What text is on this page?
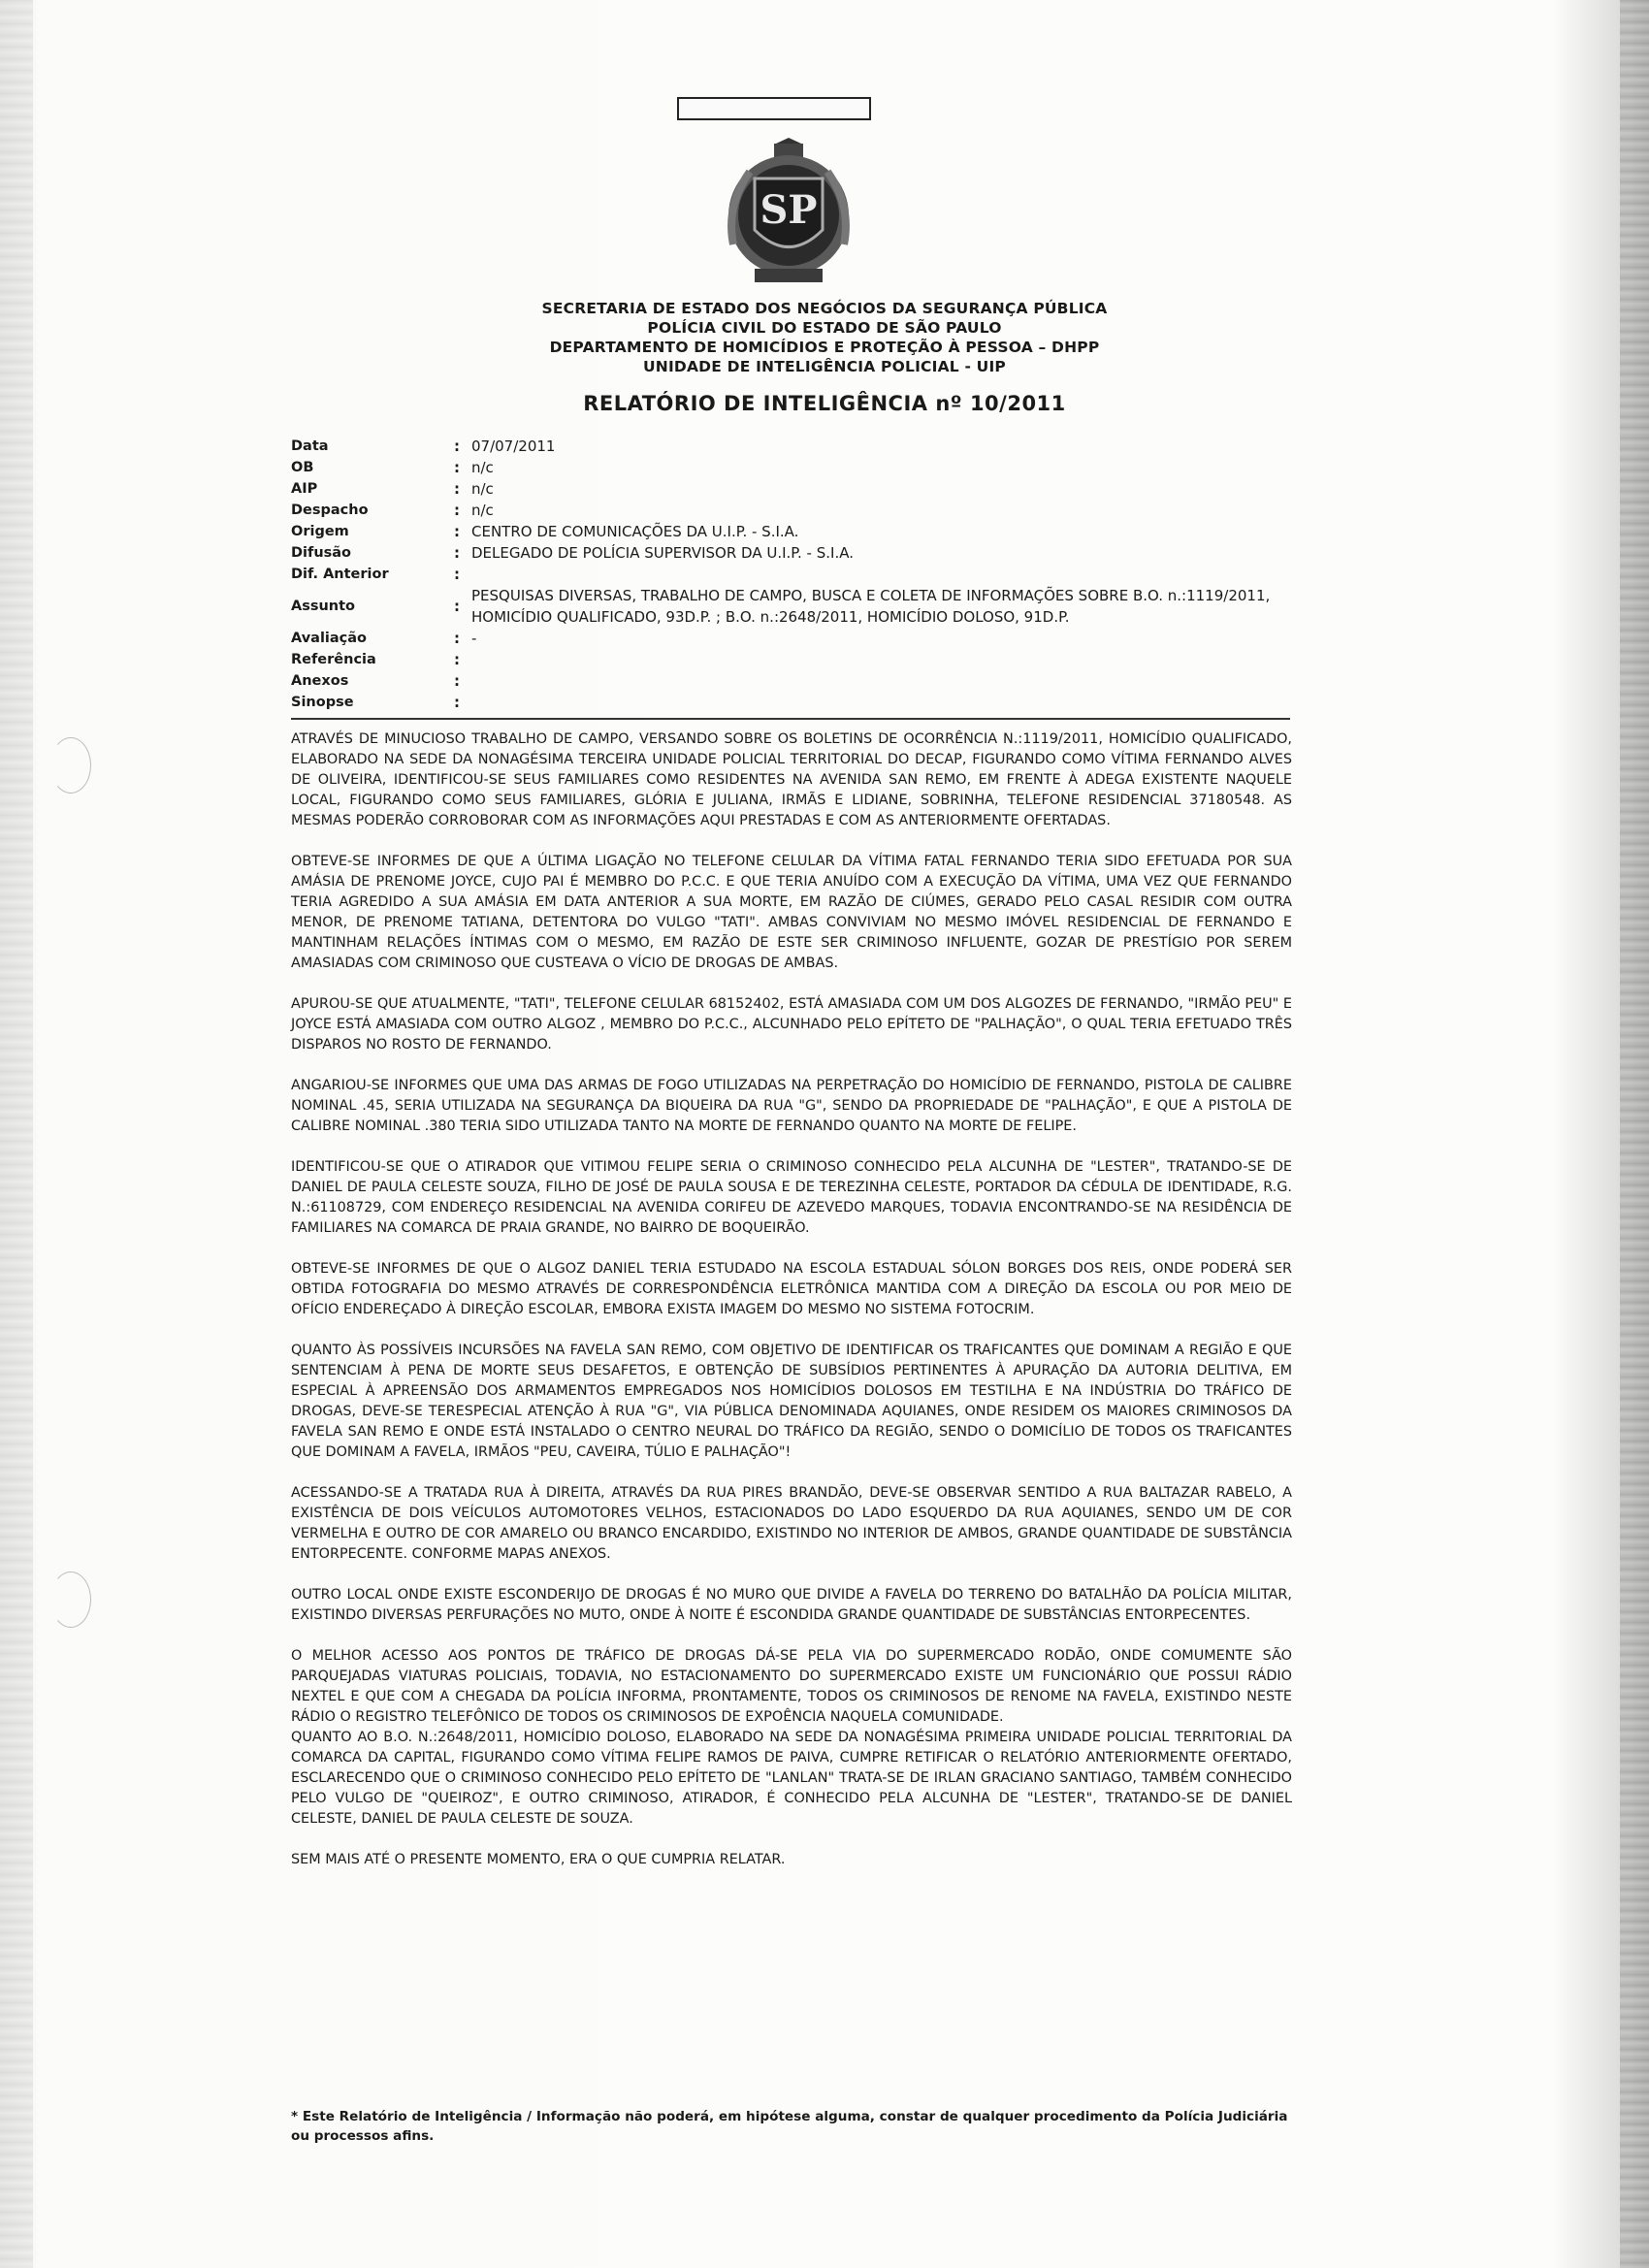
SP
SECRETARIA DE ESTADO DOS NEGÓCIOS DA SEGURANÇA PÚBLICA
POLÍCIA CIVIL DO ESTADO DE SÃO PAULO
DEPARTAMENTO DE HOMICÍDIOS E PROTEÇÃO À PESSOA – DHPP
UNIDADE DE INTELIGÊNCIA POLICIAL - UIP
RELATÓRIO DE INTELIGÊNCIA nº 10/2011
Data	: 07/07/2011
OB	: n/c
AIP	: n/c
Despacho	: n/c
Origem	: CENTRO DE COMUNICAÇÕES DA U.I.P. - S.I.A.
Difusão	: DELEGADO DE POLÍCIA SUPERVISOR DA U.I.P. - S.I.A.
Dif. Anterior	:
Assunto	:
PESQUISAS DIVERSAS, TRABALHO DE CAMPO, BUSCA E COLETA DE INFORMAÇÕES SOBRE B.O. n.:1119/2011, HOMICÍDIO QUALIFICADO, 93D.P. ; B.O. n.:2648/2011, HOMICÍDIO DOLOSO, 91D.P.
Avaliação	: -
Referência	:
Anexos	:
Sinopse	:

ATRAVÉS DE MINUCIOSO TRABALHO DE CAMPO, VERSANDO SOBRE OS BOLETINS DE OCORRÊNCIA N.:1119/2011, HOMICÍDIO QUALIFICADO, ELABORADO NA SEDE DA NONAGÉSIMA TERCEIRA UNIDADE POLICIAL TERRITORIAL DO DECAP, FIGURANDO COMO VÍTIMA FERNANDO ALVES DE OLIVEIRA, IDENTIFICOU-SE SEUS FAMILIARES COMO RESIDENTES NA AVENIDA SAN REMO, EM FRENTE À ADEGA EXISTENTE NAQUELE LOCAL, FIGURANDO COMO SEUS FAMILIARES, GLÓRIA E JULIANA, IRMÃS E LIDIANE, SOBRINHA, TELEFONE RESIDENCIAL 37180548. AS MESMAS PODERÃO CORROBORAR COM AS INFORMAÇÕES AQUI PRESTADAS E COM AS ANTERIORMENTE OFERTADAS.

OBTEVE-SE INFORMES DE QUE A ÚLTIMA LIGAÇÃO NO TELEFONE CELULAR DA VÍTIMA FATAL FERNANDO TERIA SIDO EFETUADA POR SUA AMÁSIA DE PRENOME JOYCE, CUJO PAI É MEMBRO DO P.C.C. E QUE TERIA ANUÍDO COM A EXECUÇÃO DA VÍTIMA, UMA VEZ QUE FERNANDO TERIA AGREDIDO A SUA AMÁSIA EM DATA ANTERIOR A SUA MORTE, EM RAZÃO DE CIÚMES, GERADO PELO CASAL RESIDIR COM OUTRA MENOR, DE PRENOME TATIANA, DETENTORA DO VULGO "TATI". AMBAS CONVIVIAM NO MESMO IMÓVEL RESIDENCIAL DE FERNANDO E MANTINHAM RELAÇÕES ÍNTIMAS COM O MESMO, EM RAZÃO DE ESTE SER CRIMINOSO INFLUENTE, GOZAR DE PRESTÍGIO POR SEREM AMASIADAS COM CRIMINOSO QUE CUSTEAVA O VÍCIO DE DROGAS DE AMBAS.

APUROU-SE QUE ATUALMENTE, "TATI", TELEFONE CELULAR 68152402, ESTÁ AMASIADA COM UM DOS ALGOZES DE FERNANDO, "IRMÃO PEU" E JOYCE ESTÁ AMASIADA COM OUTRO ALGOZ , MEMBRO DO P.C.C., ALCUNHADO PELO EPÍTETO DE "PALHAÇÃO", O QUAL TERIA EFETUADO TRÊS DISPAROS NO ROSTO DE FERNANDO.

ANGARIOU-SE INFORMES QUE UMA DAS ARMAS DE FOGO UTILIZADAS NA PERPETRAÇÃO DO HOMICÍDIO DE FERNANDO, PISTOLA DE CALIBRE NOMINAL .45, SERIA UTILIZADA NA SEGURANÇA DA BIQUEIRA DA RUA "G", SENDO DA PROPRIEDADE DE "PALHAÇÃO", E QUE A PISTOLA DE CALIBRE NOMINAL .380 TERIA SIDO UTILIZADA TANTO NA MORTE DE FERNANDO QUANTO NA MORTE DE FELIPE.

IDENTIFICOU-SE QUE O ATIRADOR QUE VITIMOU FELIPE SERIA O CRIMINOSO CONHECIDO PELA ALCUNHA DE "LESTER", TRATANDO-SE DE DANIEL DE PAULA CELESTE SOUZA, FILHO DE JOSÉ DE PAULA SOUSA E DE TEREZINHA CELESTE, PORTADOR DA CÉDULA DE IDENTIDADE, R.G. N.:61108729, COM ENDEREÇO RESIDENCIAL NA AVENIDA CORIFEU DE AZEVEDO MARQUES, TODAVIA ENCONTRANDO-SE NA RESIDÊNCIA DE FAMILIARES NA COMARCA DE PRAIA GRANDE, NO BAIRRO DE BOQUEIRÃO.

OBTEVE-SE INFORMES DE QUE O ALGOZ DANIEL TERIA ESTUDADO NA ESCOLA ESTADUAL SÓLON BORGES DOS REIS, ONDE PODERÁ SER OBTIDA FOTOGRAFIA DO MESMO ATRAVÉS DE CORRESPONDÊNCIA ELETRÔNICA MANTIDA COM A DIREÇÃO DA ESCOLA OU POR MEIO DE OFÍCIO ENDEREÇADO À DIREÇÃO ESCOLAR, EMBORA EXISTA IMAGEM DO MESMO NO SISTEMA FOTOCRIM.

QUANTO ÀS POSSÍVEIS INCURSÕES NA FAVELA SAN REMO, COM OBJETIVO DE IDENTIFICAR OS TRAFICANTES QUE DOMINAM A REGIÃO E QUE SENTENCIAM À PENA DE MORTE SEUS DESAFETOS, E OBTENÇÃO DE SUBSÍDIOS PERTINENTES À APURAÇÃO DA AUTORIA DELITIVA, EM ESPECIAL À APREENSÃO DOS ARMAMENTOS EMPREGADOS NOS HOMICÍDIOS DOLOSOS EM TESTILHA E NA INDÚSTRIA DO TRÁFICO DE DROGAS, DEVE-SE TERESPECIAL ATENÇÃO À RUA "G", VIA PÚBLICA DENOMINADA AQUIANES, ONDE RESIDEM OS MAIORES CRIMINOSOS DA FAVELA SAN REMO E ONDE ESTÁ INSTALADO O CENTRO NEURAL DO TRÁFICO DA REGIÃO, SENDO O DOMICÍLIO DE TODOS OS TRAFICANTES QUE DOMINAM A FAVELA, IRMÃOS "PEU, CAVEIRA, TÚLIO E PALHAÇÃO"!

ACESSANDO-SE A TRATADA RUA À DIREITA, ATRAVÉS DA RUA PIRES BRANDÃO, DEVE-SE OBSERVAR SENTIDO A RUA BALTAZAR RABELO, A EXISTÊNCIA DE DOIS VEÍCULOS AUTOMOTORES VELHOS, ESTACIONADOS DO LADO ESQUERDO DA RUA AQUIANES, SENDO UM DE COR VERMELHA E OUTRO DE COR AMARELO OU BRANCO ENCARDIDO, EXISTINDO NO INTERIOR DE AMBOS, GRANDE QUANTIDADE DE SUBSTÂNCIA ENTORPECENTE. CONFORME MAPAS ANEXOS.

OUTRO LOCAL ONDE EXISTE ESCONDERIJO DE DROGAS É NO MURO QUE DIVIDE A FAVELA DO TERRENO DO BATALHÃO DA POLÍCIA MILITAR, EXISTINDO DIVERSAS PERFURAÇÕES NO MUTO, ONDE À NOITE É ESCONDIDA GRANDE QUANTIDADE DE SUBSTÂNCIAS ENTORPECENTES.

O MELHOR ACESSO AOS PONTOS DE TRÁFICO DE DROGAS DÁ-SE PELA VIA DO SUPERMERCADO RODÃO, ONDE COMUMENTE SÃO PARQUEJADAS VIATURAS POLICIAIS, TODAVIA, NO ESTACIONAMENTO DO SUPERMERCADO EXISTE UM FUNCIONÁRIO QUE POSSUI RÁDIO NEXTEL E QUE COM A CHEGADA DA POLÍCIA INFORMA, PRONTAMENTE, TODOS OS CRIMINOSOS DE RENOME NA FAVELA, EXISTINDO NESTE RÁDIO O REGISTRO TELEFÔNICO DE TODOS OS CRIMINOSOS DE EXPOÊNCIA NAQUELA COMUNIDADE.

QUANTO AO B.O. N.:2648/2011, HOMICÍDIO DOLOSO, ELABORADO NA SEDE DA NONAGÉSIMA PRIMEIRA UNIDADE POLICIAL TERRITORIAL DA COMARCA DA CAPITAL, FIGURANDO COMO VÍTIMA FELIPE RAMOS DE PAIVA, CUMPRE RETIFICAR O RELATÓRIO ANTERIORMENTE OFERTADO, ESCLARECENDO QUE O CRIMINOSO CONHECIDO PELO EPÍTETO DE "LANLAN" TRATA-SE DE IRLAN GRACIANO SANTIAGO, TAMBÉM CONHECIDO PELO VULGO DE "QUEIROZ", E OUTRO CRIMINOSO, ATIRADOR, É CONHECIDO PELA ALCUNHA DE "LESTER", TRATANDO-SE DE DANIEL CELESTE, DANIEL DE PAULA CELESTE DE SOUZA.

SEM MAIS ATÉ O PRESENTE MOMENTO, ERA O QUE CUMPRIA RELATAR.

* Este Relatório de Inteligência / Informação não poderá, em hipótese alguma, constar de qualquer procedimento da Polícia Judiciária ou processos afins.
